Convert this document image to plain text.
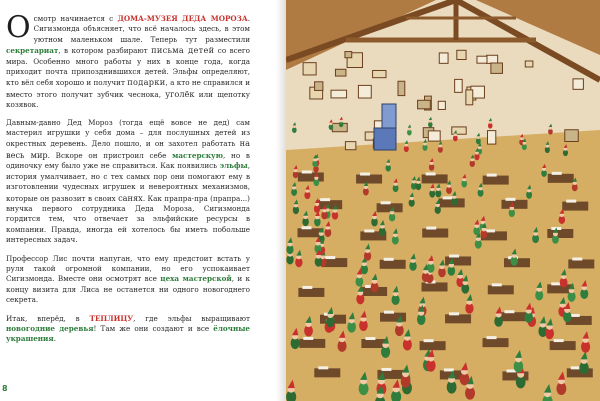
Осмотр начинается с ДОМА-МУЗЕЯ ДЕДА МОРОЗА. Сигизмонда объясняет, что всё началось здесь, в этом уютном маленьком шале. Теперь тут разместили секретариат, в котором разбирают письма детей со всего мира. Особенно много работы у них в конце года, когда приходит почта припозднившихся детей. Эльфы определяют, кто вёл себя хорошо и получит подарки, а кто не справился и вместо этого получит зубчик чеснока, уголёк или щепотку козявок.

Давным-давно Дед Мороз (тогда ещё вовсе не дед) сам мастерил игрушки у себя дома – для послушных детей из окрестных деревень. Дело пошло, и он захотел работать на весь мир. Вскоре он пристроил себе мастерскую, но в одиночку ему было уже не справиться. Как появились эльфы, история умалчивает, но с тех самых пор они помогают ему в изготовлении чудесных игрушек и невероятных механизмов, которые он развозит в своих санях. Как прапра-пра (прапра...) внучка первого сотрудника Деда Мороза, Сигизмонда гордится тем, что отвечает за эльфийские ресурсы в компании. Правда, иногда ей хотелось бы иметь побольше интересных задач.

Профессор Лис почти напуган, что ему предстоит встать у руля такой огромной компании, но его успокаивает Сигизмонда. Вместе они осмотрят все цеха мастерской, и к концу визита для Лиса не останется ни одного новогоднего секрета.

Итак, вперёд, в ТЕПЛИЦУ, где эльфы выращивают новогодние деревья! Там же они создают и все ёлочные украшения.

8
